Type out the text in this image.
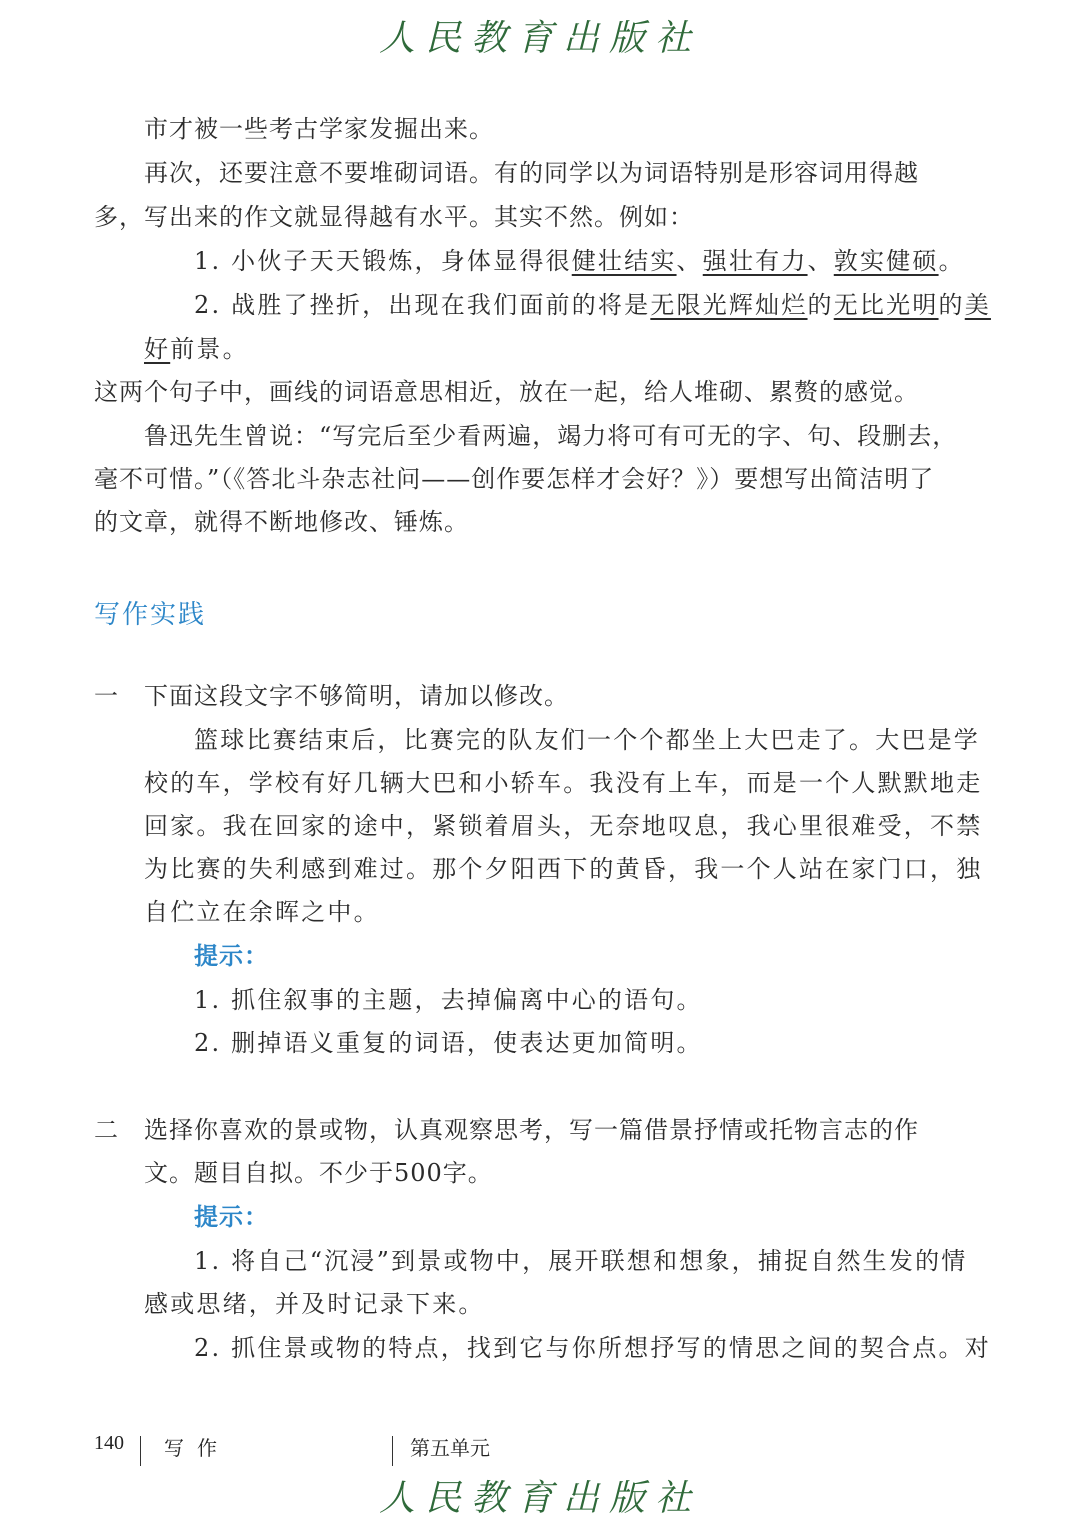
人民教育出版社
市才被一些考古学家发掘出来。
再次，还要注意不要堆砌词语。有的同学以为词语特别是形容词用得越
多，写出来的作文就显得越有水平。其实不然。例如：
1. 小伙子天天锻炼，身体显得很健壮结实、强壮有力、敦实健硕。
2. 战胜了挫折，出现在我们面前的将是无限光辉灿烂的无比光明的美
好前景。
这两个句子中，画线的词语意思相近，放在一起，给人堆砌、累赘的感觉。
鲁迅先生曾说：“写完后至少看两遍，竭力将可有可无的字、句、段删去，
毫不可惜。”（《答北斗杂志社问——创作要怎样才会好？》）要想写出简洁明了
的文章，就得不断地修改、锤炼。
写作实践
一 下面这段文字不够简明，请加以修改。
篮球比赛结束后，比赛完的队友们一个个都坐上大巴走了。大巴是学
校的车，学校有好几辆大巴和小轿车。我没有上车，而是一个人默默地走
回家。我在回家的途中，紧锁着眉头，无奈地叹息，我心里很难受，不禁
为比赛的失利感到难过。那个夕阳西下的黄昏，我一个人站在家门口，独
自伫立在余晖之中。
提示：
1. 抓住叙事的主题，去掉偏离中心的语句。
2. 删掉语义重复的词语，使表达更加简明。
二 选择你喜欢的景或物，认真观察思考，写一篇借景抒情或托物言志的作
文。题目自拟。不少于500字。
提示：
1. 将自己“沉浸”到景或物中，展开联想和想象，捕捉自然生发的情
感或思绪，并及时记录下来。
2. 抓住景或物的特点，找到它与你所想抒写的情思之间的契合点。对
140 写 作	第五单元
人民教育出版社
